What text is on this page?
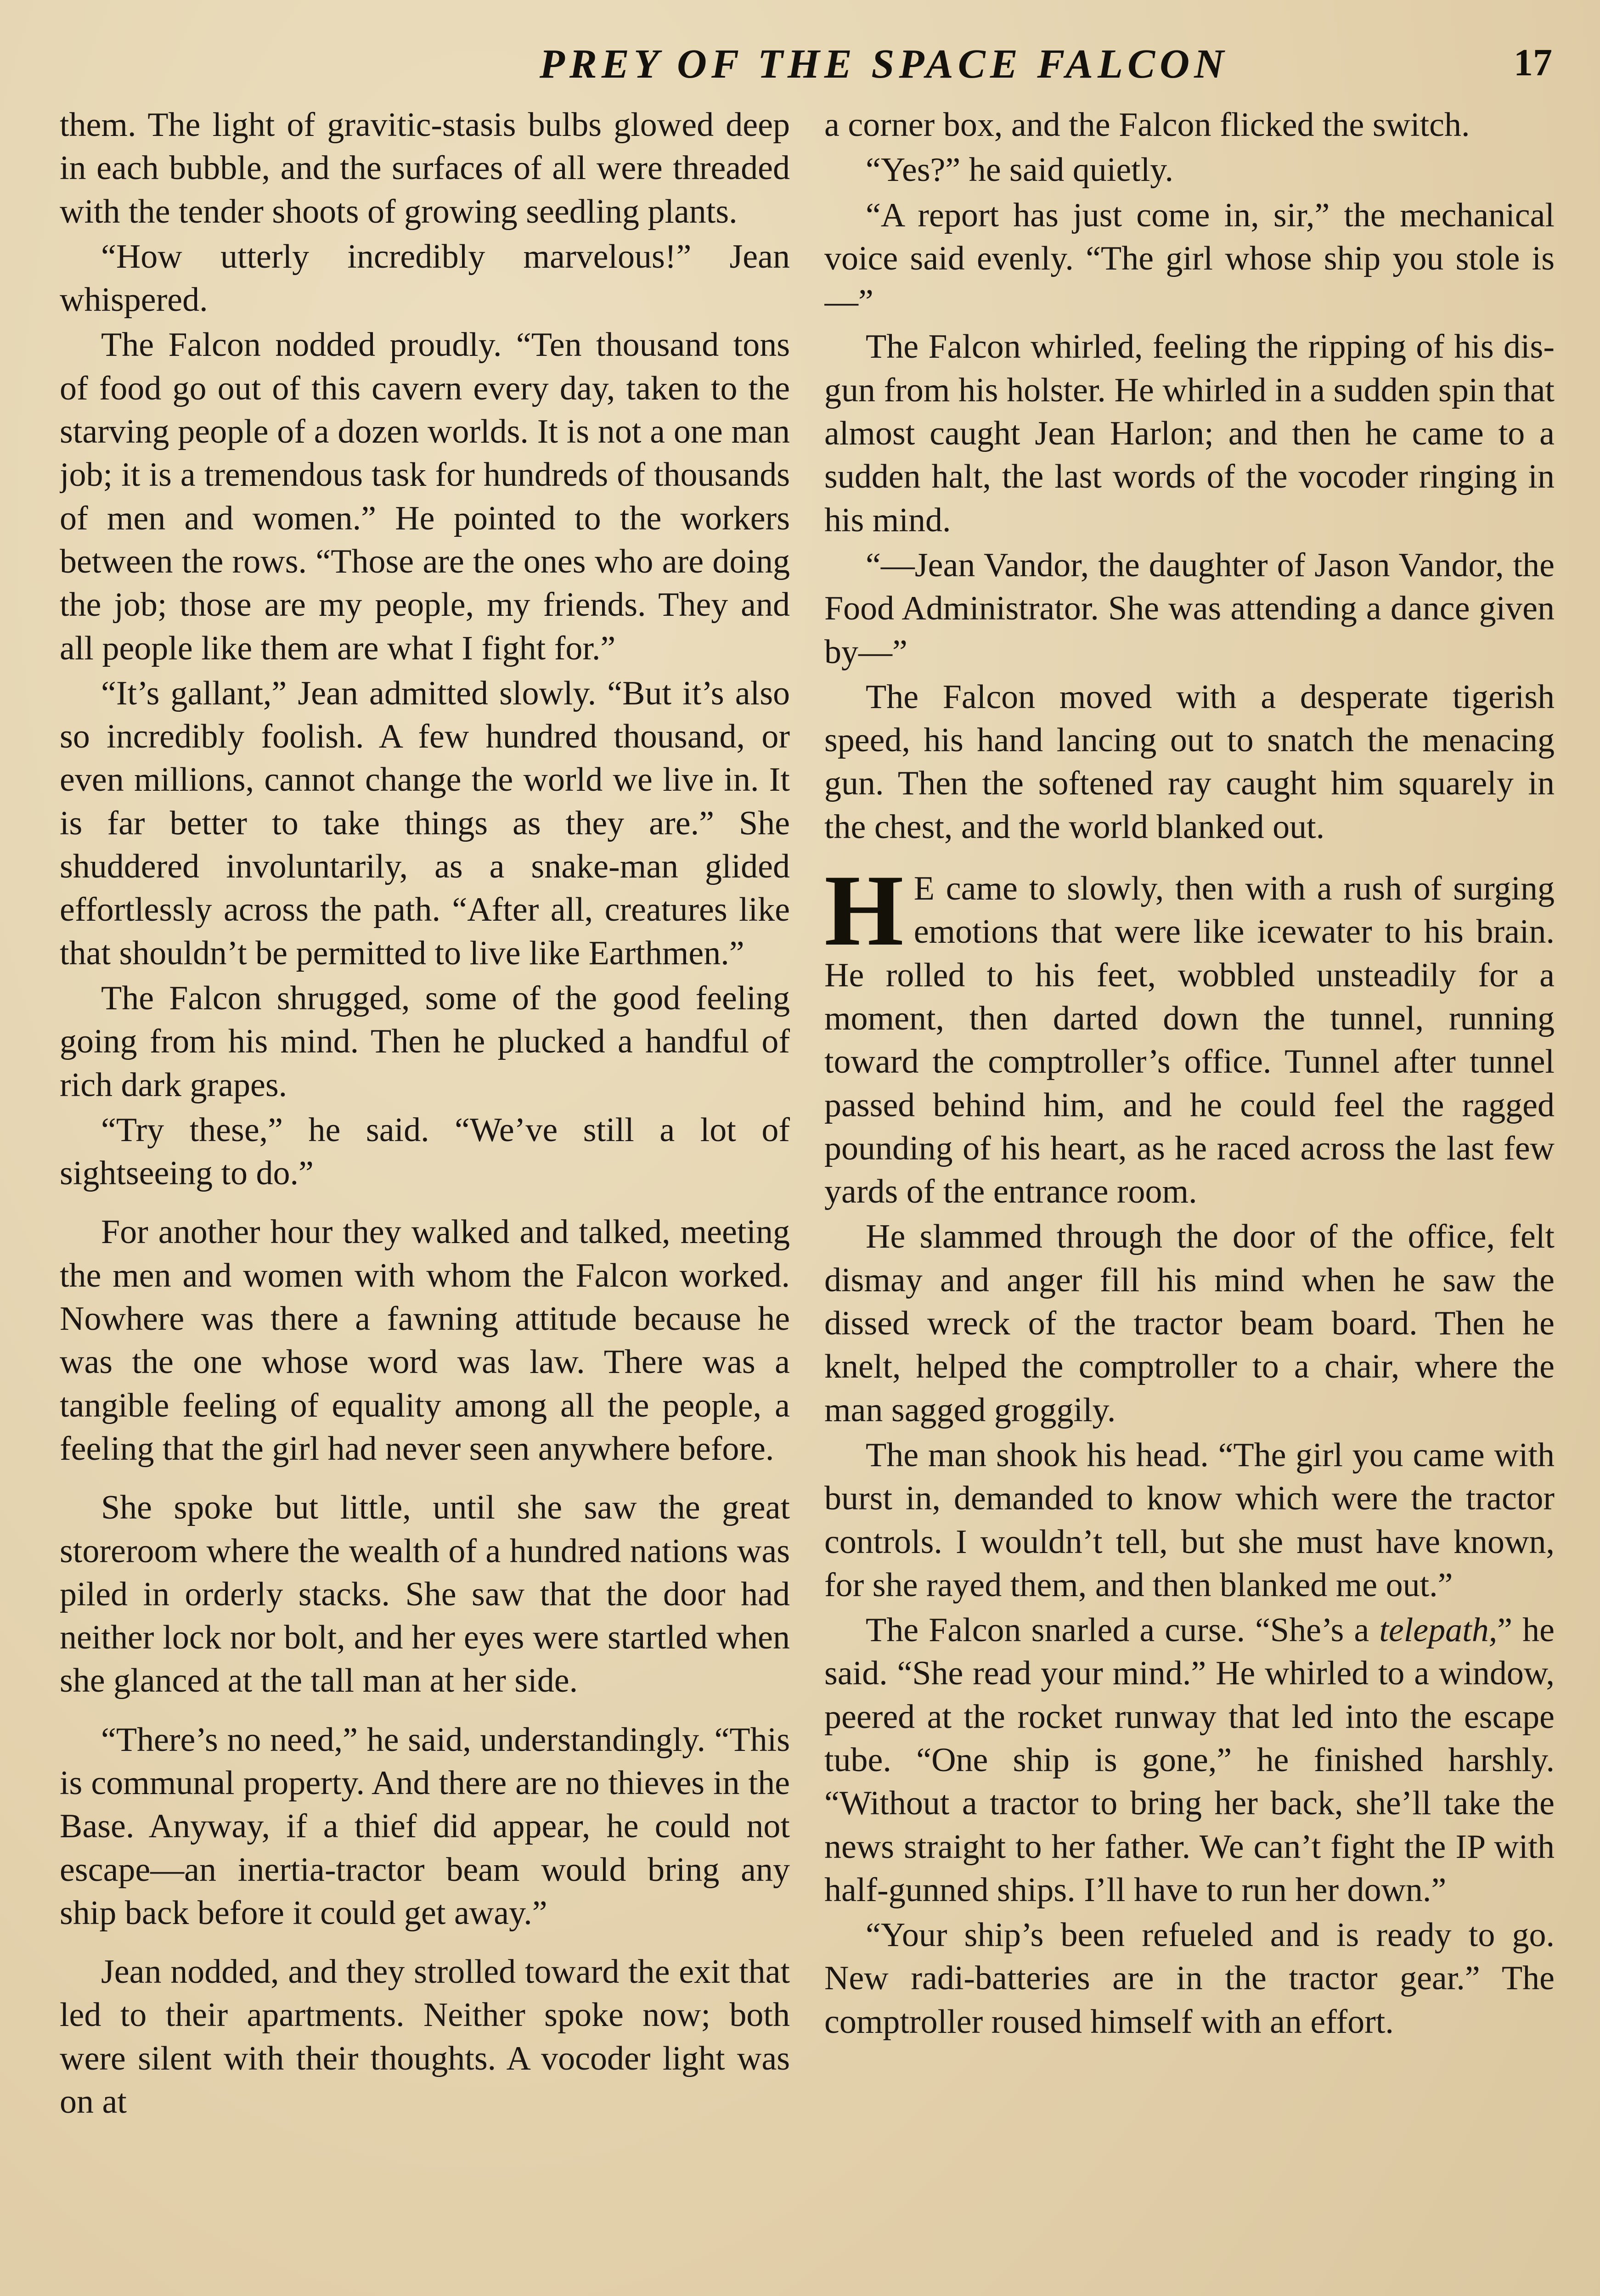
PREY OF THE SPACE FALCON	17

them. The light of gravitic-stasis bulbs glowed deep in each bubble, and the surfaces of all were threaded with the tender shoots of growing seedling plants.

“How utterly incredibly marvelous!” Jean whispered.

The Falcon nodded proudly. “Ten thousand tons of food go out of this cavern every day, taken to the starving people of a dozen worlds. It is not a one man job; it is a tremendous task for hundreds of thousands of men and women.” He pointed to the workers between the rows. “Those are the ones who are doing the job; those are my people, my friends. They and all people like them are what I fight for.”

“It’s gallant,” Jean admitted slowly. “But it’s also so incredibly foolish. A few hundred thousand, or even millions, cannot change the world we live in. It is far better to take things as they are.” She shuddered involuntarily, as a snake-man glided effortlessly across the path. “After all, creatures like that shouldn’t be permitted to live like Earthmen.”

The Falcon shrugged, some of the good feeling going from his mind. Then he plucked a handful of rich dark grapes.

“Try these,” he said. “We’ve still a lot of sightseeing to do.”

For another hour they walked and talked, meeting the men and women with whom the Falcon worked. Nowhere was there a fawning attitude because he was the one whose word was law. There was a tangible feeling of equality among all the people, a feeling that the girl had never seen anywhere before.

She spoke but little, until she saw the great storeroom where the wealth of a hundred nations was piled in orderly stacks. She saw that the door had neither lock nor bolt, and her eyes were startled when she glanced at the tall man at her side.

“There’s no need,” he said, understandingly. “This is communal property. And there are no thieves in the Base. Anyway, if a thief did appear, he could not escape—an inertia-tractor beam would bring any ship back before it could get away.”

Jean nodded, and they strolled toward the exit that led to their apartments. Neither spoke now; both were silent with their thoughts. A vocoder light was on at

a corner box, and the Falcon flicked the switch.

“Yes?” he said quietly.

“A report has just come in, sir,” the mechanical voice said evenly. “The girl whose ship you stole is—”

The Falcon whirled, feeling the ripping of his dis-gun from his holster. He whirled in a sudden spin that almost caught Jean Harlon; and then he came to a sudden halt, the last words of the vocoder ringing in his mind.

“—Jean Vandor, the daughter of Jason Vandor, the Food Administrator. She was attending a dance given by—”

The Falcon moved with a desperate tigerish speed, his hand lancing out to snatch the menacing gun. Then the softened ray caught him squarely in the chest, and the world blanked out.

H E came to slowly, then with a rush of surging emotions that were like icewater to his brain. He rolled to his feet, wobbled unsteadily for a moment, then darted down the tunnel, running toward the comptroller’s office. Tunnel after tunnel passed behind him, and he could feel the ragged pounding of his heart, as he raced across the last few yards of the entrance room.

He slammed through the door of the office, felt dismay and anger fill his mind when he saw the dissed wreck of the tractor beam board. Then he knelt, helped the comptroller to a chair, where the man sagged groggily.

The man shook his head. “The girl you came with burst in, demanded to know which were the tractor controls. I wouldn’t tell, but she must have known, for she rayed them, and then blanked me out.”

The Falcon snarled a curse. “She’s a telepath,” he said. “She read your mind.” He whirled to a window, peered at the rocket runway that led into the escape tube. “One ship is gone,” he finished harshly. “Without a tractor to bring her back, she’ll take the news straight to her father. We can’t fight the IP with half-gunned ships. I’ll have to run her down.”

“Your ship’s been refueled and is ready to go. New radi-batteries are in the tractor gear.” The comptroller roused himself with an effort.
